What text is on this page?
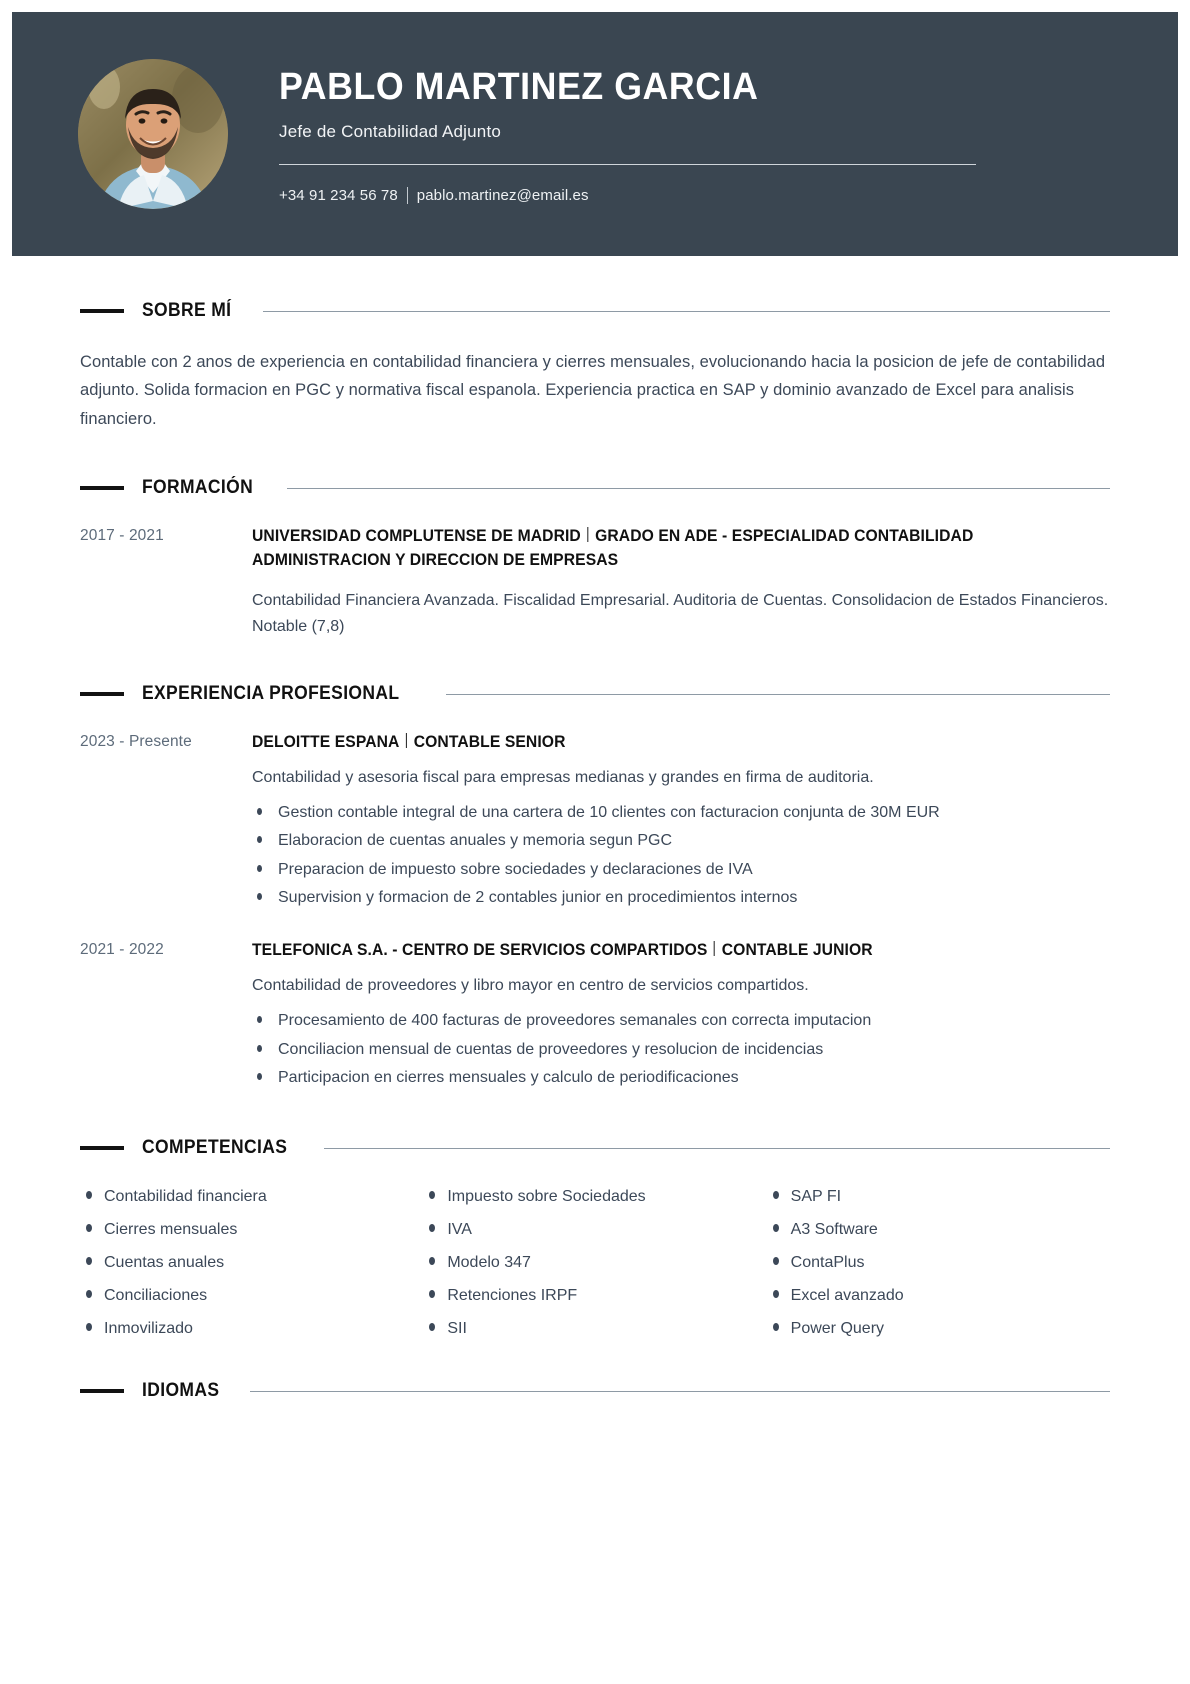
PABLO MARTINEZ GARCIA
Jefe de Contabilidad Adjunto
+34 91 234 56 78 pablo.martinez@email.es
SOBRE MÍ

Contable con 2 anos de experiencia en contabilidad financiera y cierres mensuales, evolucionando hacia la posicion de jefe de contabilidad adjunto. Solida formacion en PGC y normativa fiscal espanola. Experiencia practica en SAP y dominio avanzado de Excel para analisis financiero.

FORMACIÓN
2017 - 2021	UNIVERSIDAD COMPLUTENSE DE MADRID GRADO EN ADE - ESPECIALIDAD CONTABILIDAD ADMINISTRACION Y DIRECCION DE EMPRESAS
Contabilidad Financiera Avanzada. Fiscalidad Empresarial. Auditoria de Cuentas. Consolidacion de Estados Financieros. Notable (7,8)
EXPERIENCIA PROFESIONAL
2023 - Presente	DELOITTE ESPANA CONTABLE SENIOR
Contabilidad y asesoria fiscal para empresas medianas y grandes en firma de auditoria.
Gestion contable integral de una cartera de 10 clientes con facturacion conjunta de 30M EUR
Elaboracion de cuentas anuales y memoria segun PGC
Preparacion de impuesto sobre sociedades y declaraciones de IVA
Supervision y formacion de 2 contables junior en procedimientos internos
2021 - 2022	TELEFONICA S.A. - CENTRO DE SERVICIOS COMPARTIDOS CONTABLE JUNIOR
Contabilidad de proveedores y libro mayor en centro de servicios compartidos.
Procesamiento de 400 facturas de proveedores semanales con correcta imputacion
Conciliacion mensual de cuentas de proveedores y resolucion de incidencias
Participacion en cierres mensuales y calculo de periodificaciones
COMPETENCIAS
Contabilidad financiera	Impuesto sobre Sociedades	SAP FI
Cierres mensuales	IVA	A3 Software
Cuentas anuales	Modelo 347	ContaPlus
Conciliaciones	Retenciones IRPF	Excel avanzado
Inmovilizado	SII	Power Query
IDIOMAS
